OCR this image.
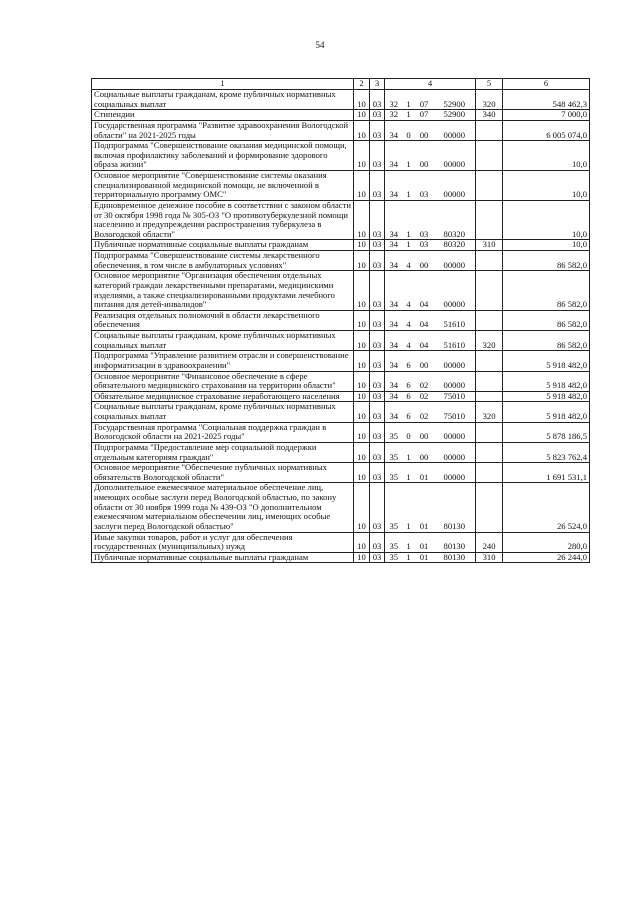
54
1	2	3	4				5	6
Социальные выплаты гражданам, кроме публичных нормативных социальных выплат	10	03	32	1	07	52900	320	548 462,3
Стипендии	10	03	32	1	07	52900	340	7 000,0
Государственная программа "Развитие здравоохранения Вологодской области" на 2021-2025 годы	10	03	34	0	00	00000		6 005 074,0
Подпрограмма "Совершенствование оказания медицинской помощи, включая профилактику заболеваний и формирование здорового образа жизни"	10	03	34	1	00	00000		10,0
Основное мероприятие "Совершенствование системы оказания специализированной медицинской помощи, не включенной в территориальную программу ОМС"	10	03	34	1	03	00000		10,0
Единовременное денежное пособие в соответствии с законом области от 30 октября 1998 года № 305-ОЗ "О противотуберкулезной помощи населению и предупреждении распространения туберкулеза в Вологодской области"	10	03	34	1	03	80320		10,0
Публичные нормативные социальные выплаты гражданам	10	03	34	1	03	80320	310	10,0
Подпрограмма "Совершенствование системы лекарственного обеспечения, в том числе в амбулаторных условиях"	10	03	34	4	00	00000		86 582,0
Основное мероприятие "Организация обеспечения отдельных категорий граждан лекарственными препаратами, медицинскими изделиями, а также специализированными продуктами лечебного питания для детей-инвалидов"	10	03	34	4	04	00000		86 582,0
Реализация отдельных полномочий в области лекарственного обеспечения	10	03	34	4	04	51610		86 582,0
Социальные выплаты гражданам, кроме публичных нормативных социальных выплат	10	03	34	4	04	51610	320	86 582,0
Подпрограмма "Управление развитием отрасли и совершенствование информатизации в здравоохранении"	10	03	34	6	00	00000		5 918 482,0
Основное мероприятие "Финансовое обеспечение в сфере обязательного медицинского страхования на территории области"	10	03	34	6	02	00000		5 918 482,0
Обязательное медицинское страхование неработающего населения	10	03	34	6	02	75010		5 918 482,0
Социальные выплаты гражданам, кроме публичных нормативных социальных выплат	10	03	34	6	02	75010	320	5 918 482,0
Государственная программа "Социальная поддержка граждан в Вологодской области на 2021-2025 годы"	10	03	35	0	00	00000		5 878 186,5
Подпрограмма "Предоставление мер социальной поддержки отдельным категориям граждан"	10	03	35	1	00	00000		5 823 762,4
Основное мероприятие "Обеспечение публичных нормативных обязательств Вологодской области"	10	03	35	1	01	00000		1 691 531,1
Дополнительное ежемесячное материальное обеспечение лиц, имеющих особые заслуги перед Вологодской областью, по закону области от 30 ноября 1999 года № 439-ОЗ "О дополнительном ежемесячном материальном обеспечении лиц, имеющих особые заслуги перед Вологодской областью"	10	03	35	1	01	80130		26 524,0
Иные закупки товаров, работ и услуг для обеспечения государственных (муниципальных) нужд	10	03	35	1	01	80130	240	280,0
Публичные нормативные социальные выплаты гражданам	10	03	35	1	01	80130	310	26 244,0
